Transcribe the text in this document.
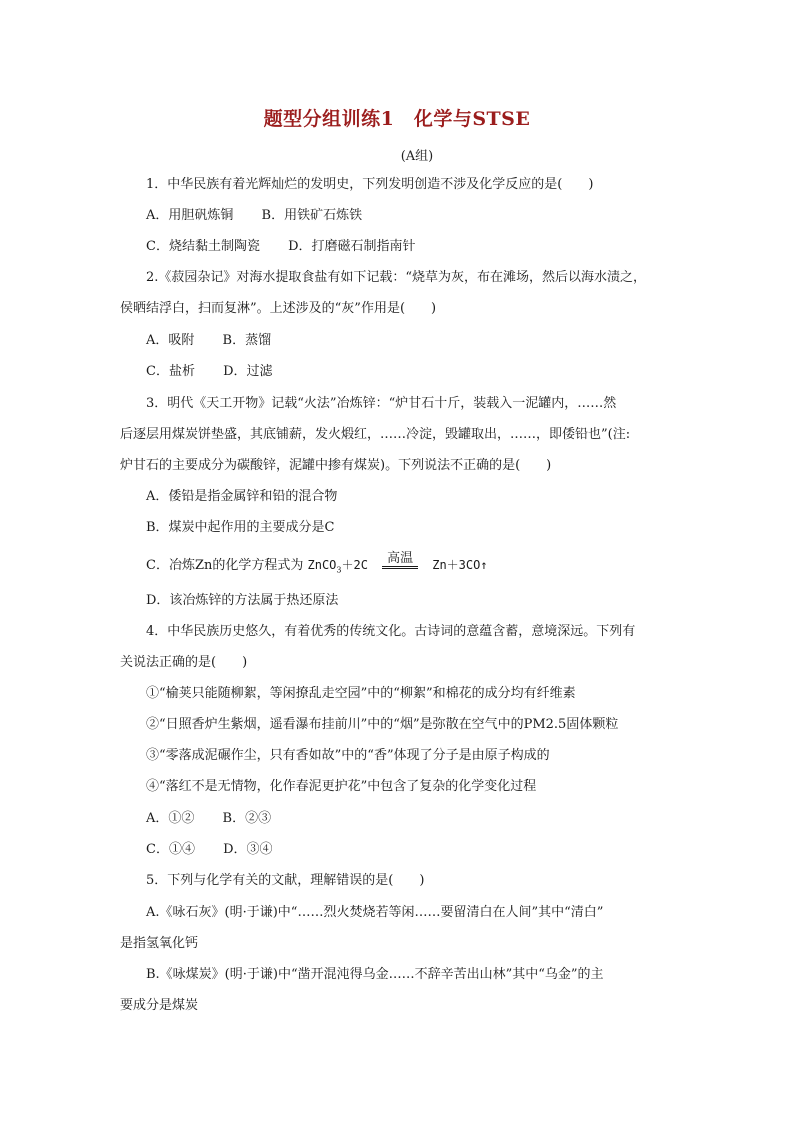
题型分组训练1　化学与STSE
(A组)
1．中华民族有着光辉灿烂的发明史，下列发明创造不涉及化学反应的是(　　)
A．用胆矾炼铜 B．用铁矿石炼铁
C．烧结黏土制陶瓷 D．打磨磁石制指南针
2.《菽园杂记》对海水提取食盐有如下记载：“烧草为灰，布在滩场，然后以海水渍之，
侯晒结浮白，扫而复淋”。上述涉及的“灰”作用是(　　)
A．吸附 B．蒸馏
C．盐析 D．过滤
3．明代《天工开物》记载“火法”冶炼锌：“炉甘石十斤，装载入一泥罐内，……然
后逐层用煤炭饼垫盛，其底铺薪，发火煅红，……冷淀，毁罐取出，……，即倭铅也”(注:
炉甘石的主要成分为碳酸锌，泥罐中掺有煤炭)。下列说法不正确的是(　　)
A．倭铅是指金属锌和铅的混合物
B．煤炭中起作用的主要成分是C
C．冶炼Zn的化学方程式为 ZnCO$_3$＋2C 高温 Zn＋3CO↑
D．该冶炼锌的方法属于热还原法
4．中华民族历史悠久，有着优秀的传统文化。古诗词的意蕴含蓄，意境深远。下列有
关说法正确的是(　　)
①“榆荚只能随柳絮，等闲撩乱走空园”中的“柳絮”和棉花的成分均有纤维素
②“日照香炉生紫烟，遥看瀑布挂前川”中的“烟”是弥散在空气中的PM2.5固体颗粒
③“零落成泥碾作尘，只有香如故”中的“香”体现了分子是由原子构成的
④“落红不是无情物，化作春泥更护花”中包含了复杂的化学变化过程
A．①② B．②③
C．①④ D．③④
5．下列与化学有关的文献，理解错误的是(　　)
A.《咏石灰》(明·于谦)中“……烈火焚烧若等闲……要留清白在人间”其中“清白”
是指氢氧化钙
B.《咏煤炭》(明·于谦)中“凿开混沌得乌金……不辞辛苦出山林”其中“乌金”的主
要成分是煤炭
